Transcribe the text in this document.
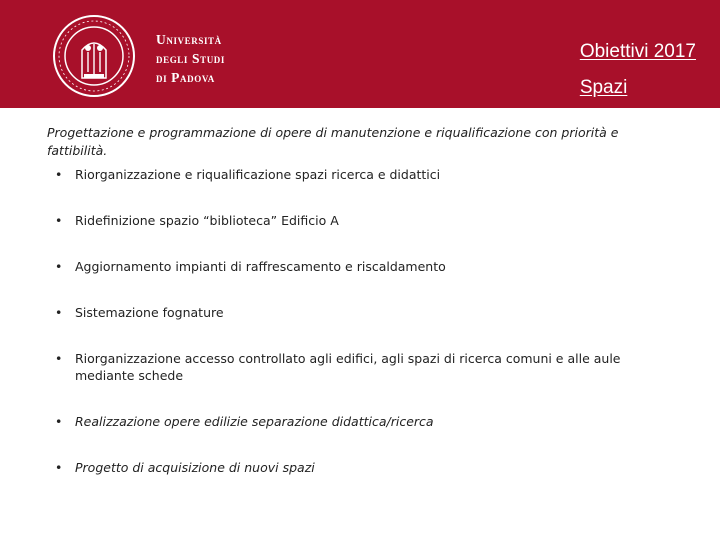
Università
degli Studi
di Padova
Obiettivi 2017
Spazi

Progettazione e programmazione di opere di manutenzione e riqualificazione con priorità e fattibilità.

• Riorganizzazione e riqualificazione spazi ricerca e didattici
• Ridefinizione spazio “biblioteca” Edificio A
• Aggiornamento impianti di raffrescamento e riscaldamento
• Sistemazione fognature
• Riorganizzazione accesso controllato agli edifici, agli spazi di ricerca comuni e alle aule mediante schede
• Realizzazione opere edilizie separazione didattica/ricerca
• Progetto di acquisizione di nuovi spazi
